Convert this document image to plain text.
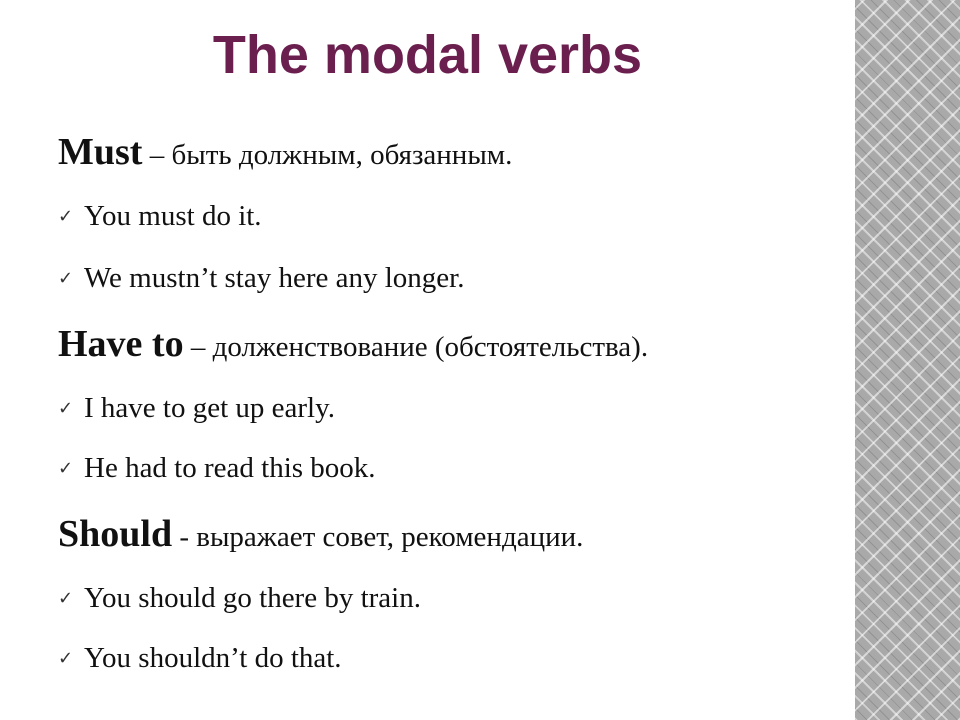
The modal verbs
Must – быть должным, обязанным.
✓ You must do it.
✓ We mustn’t stay here any longer.
Have to – долженствование (обстоятельства).
✓ I have to get up early.
✓ He had to read this book.
Should - выражает совет, рекомендации.
✓ You should go there by train.
✓ You shouldn’t do that.
